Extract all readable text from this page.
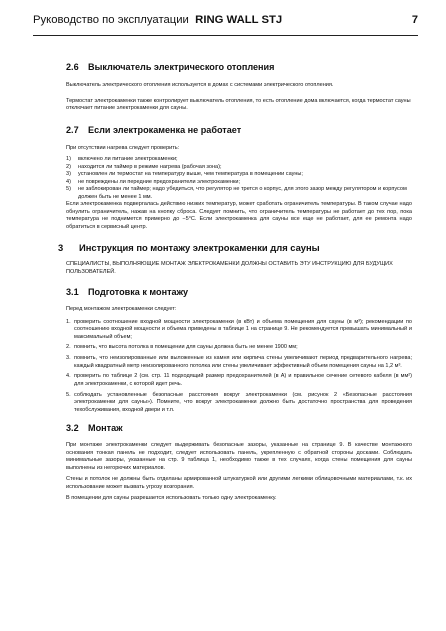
Руководство по эксплуатации RING WALL STJ	7
2.6 Выключатель электрического отопления

Выключатель электрического отопления используется в домах с системами электрического отопления.

Термостат электрокаменки также контролирует выключатель отопления, то есть отопление дома включается, когда термостат сауны отключает питание электрокаменки для сауны.

2.7 Если электрокаменка не работает

При отсутствии нагрева следует проверить:

1) включено ли питание электрокаменки;
2) находится ли таймер в режиме нагрева (рабочая зона);
3) установлен ли термостат на температуру выше, чем температура в помещении сауны;
4) не повреждены ли передние предохранители электрокаменки;
5) не заблокирован ли таймер; надо убедиться, что регулятор не трется о корпус, для этого зазор между регулятором и корпусом должен быть не менее 1 мм.

Если электрокаменка подвергалась действию низких температур, может сработать ограничитель температуры. В таком случае надо обнулить ограничитель, нажав на кнопку сброса. Следует помнить, что ограничитель температуры не работает до тех пор, пока температура не поднимется примерно до −5°С. Если электрокаменка для сауны все еще не работает, для ее ремонта надо обратиться в сервисный центр.

3 Инструкция по монтажу электрокаменки для сауны

СПЕЦИАЛИСТЫ, ВЫПОЛНЯЮЩИЕ МОНТАЖ ЭЛЕКТРОКАМЕНКИ ДОЛЖНЫ ОСТАВИТЬ ЭТУ ИНСТРУКЦИЮ ДЛЯ БУДУЩИХ ПОЛЬЗОВАТЕЛЕЙ.

3.1 Подготовка к монтажу

Перед монтажом электрокаменки следует:

1. проверить соотношение входной мощности электрокаменки (в кВт) и объема помещения для сауны (в м³); рекомендации по соотношению входной мощности и объема приведены в таблице 1 на странице 9. Не рекомендуется превышать минимальный и максимальный объем;
2. помнить, что высота потолка в помещении для сауны должна быть не менее 1900 мм;
3. помнить, что неизолированные или выложенные из камня или кирпича стены увеличивают период предварительного нагрева; каждый квадратный метр неизолированного потолка или стены увеличивает эффективный объем помещения сауны на 1,2 м³.
4. проверить по таблице 2 (см. стр. 11 подходящий размер предохранителей (в А) и правильное сечение сетевого кабеля (в мм²) для электрокаменки, с которой идет речь.
5. соблюдать установленные безопасные расстояния вокруг электрокаменки (см. рисунок 2 «Безопасные расстояния электрокаменки для сауны»). Помните, что вокруг электрокаменки должно быть достаточно пространства для проведения техобслуживания, входной двери и т.п.
3.2 Монтаж

При монтаже электрокаменки следует выдерживать безопасные зазоры, указанные на странице 9. В качестве монтажного основания тонкая панель не подходит, следует использовать панель, укрепленную с обратной стороны досками. Соблюдать минимальные зазоры, указанные на стр. 9 таблица 1, необходимо также в тех случаях, когда стены помещения для сауны выполнены из негорючих материалов.

Стены и потолок не должны быть отделаны армированной штукатуркой или другими легкими облицовочными материалами, т.к. их использование может вызвать угрозу возгорания.

В помещении для сауны разрешается использовать только одну электрокаменку.
